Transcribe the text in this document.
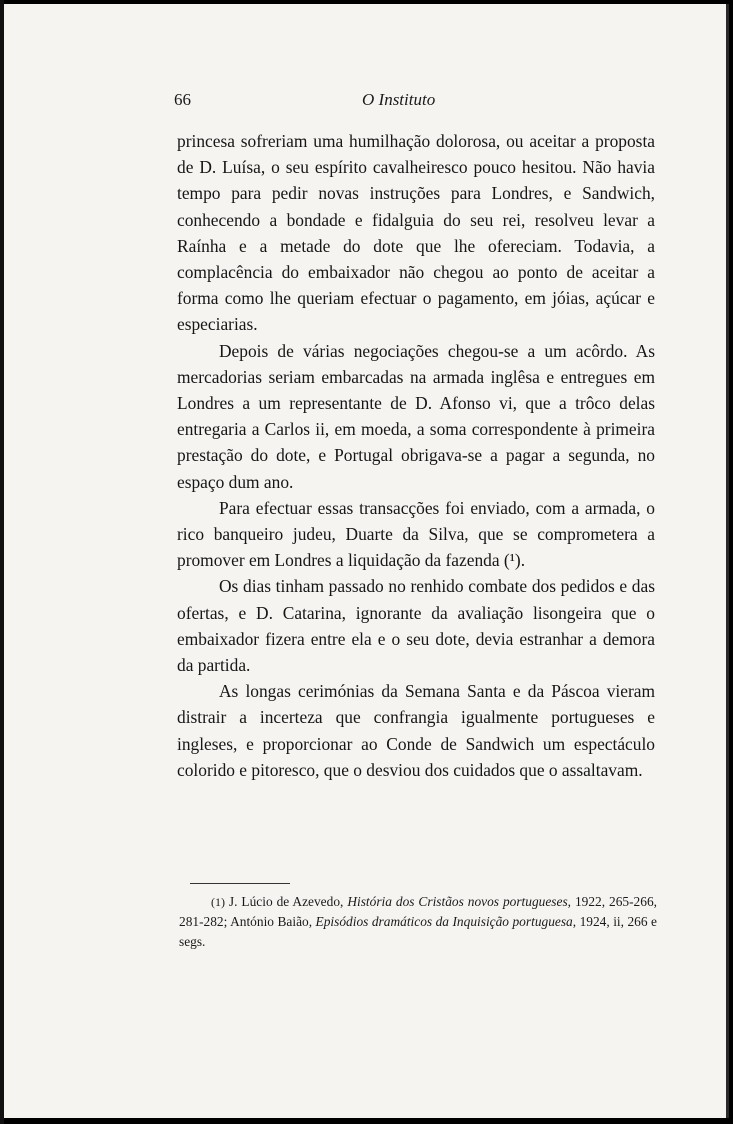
66	O Instituto

princesa sofreriam uma humilhação dolorosa, ou aceitar a proposta de D. Luísa, o seu espírito cavalheiresco pouco hesitou. Não havia tempo para pedir novas instruções para Londres, e Sandwich, conhecendo a bondade e fidalguia do seu rei, resolveu levar a Raínha e a metade do dote que lhe ofereciam. Todavia, a complacência do embaixador não chegou ao ponto de aceitar a forma como lhe queriam efectuar o pagamento, em jóias, açúcar e especiarias.

Depois de várias negociações chegou-se a um acôrdo. As mercadorias seriam embarcadas na armada inglêsa e entregues em Londres a um representante de D. Afonso vi, que a trôco delas entregaria a Carlos ii, em moeda, a soma correspondente à primeira prestação do dote, e Portugal obrigava-se a pagar a segunda, no espaço dum ano.

Para efectuar essas transacções foi enviado, com a armada, o rico banqueiro judeu, Duarte da Silva, que se comprometera a promover em Londres a liquidação da fazenda (¹).

Os dias tinham passado no renhido combate dos pedidos e das ofertas, e D. Catarina, ignorante da avaliação lisongeira que o embaixador fizera entre ela e o seu dote, devia estranhar a demora da partida.

As longas cerimónias da Semana Santa e da Páscoa vieram distrair a incerteza que confrangia igualmente portugueses e ingleses, e proporcionar ao Conde de Sandwich um espectáculo colorido e pitoresco, que o desviou dos cuidados que o assaltavam.

(1) J. Lúcio de Azevedo, História dos Cristãos novos portugueses, 1922, 265-266, 281-282; António Baião, Episódios dramáticos da Inquisição portuguesa, 1924, ii, 266 e segs.
